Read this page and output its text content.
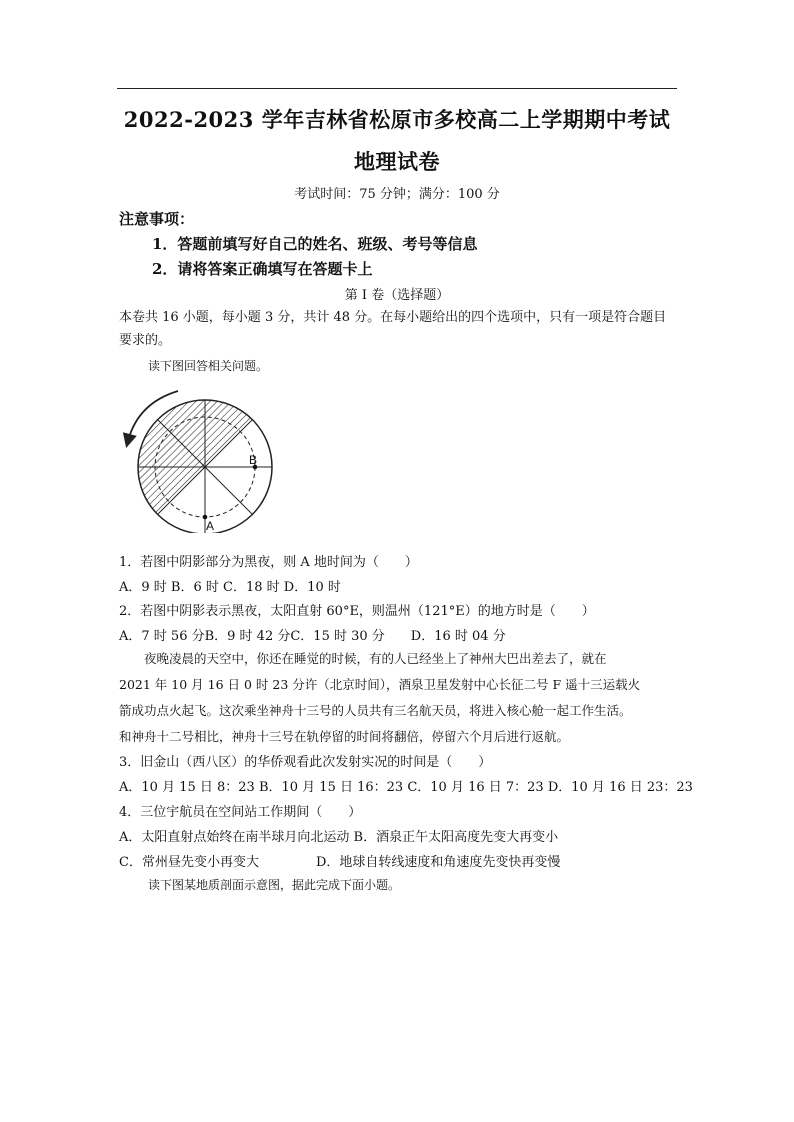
2022-2023 学年吉林省松原市多校高二上学期期中考试
地理试卷
考试时间：75 分钟；满分：100 分
注意事项：
1．答题前填写好自己的姓名、班级、考号等信息
2．请将答案正确填写在答题卡上
第 I 卷（选择题）
本卷共 16 小题，每小题 3 分，共计 48 分。在每小题给出的四个选项中，只有一项是符合题目要求的。
读下图回答相关问题。
B
A
1．若图中阴影部分为黑夜，则 A 地时间为（　　）
A．9 时 B．6 时 C．18 时 D．10 时
2．若图中阴影表示黑夜，太阳直射 60°E，则温州（121°E）的地方时是（　　）
A．7 时 56 分B．9 时 42 分C．15 时 30 分　　D．16 时 04 分
夜晚凌晨的天空中，你还在睡觉的时候，有的人已经坐上了神州大巴出差去了，就在
2021 年 10 月 16 日 0 时 23 分许（北京时间），酒泉卫星发射中心长征二号 F 遥十三运载火
箭成功点火起飞。这次乘坐神舟十三号的人员共有三名航天员，将进入核心舱一起工作生活。
和神舟十二号相比，神舟十三号在轨停留的时间将翻倍，停留六个月后进行返航。
3．旧金山（西八区）的华侨观看此次发射实况的时间是（　　）
A．10 月 15 日 8：23 B．10 月 15 日 16：23 C．10 月 16 日 7：23 D．10 月 16 日 23：23
4．三位宇航员在空间站工作期间（　　）
A．太阳直射点始终在南半球月向北运动 B．酒泉正午太阳高度先变大再变小
C．常州昼先变小再变大	D．地球自转线速度和角速度先变快再变慢
读下图某地质剖面示意图，据此完成下面小题。
